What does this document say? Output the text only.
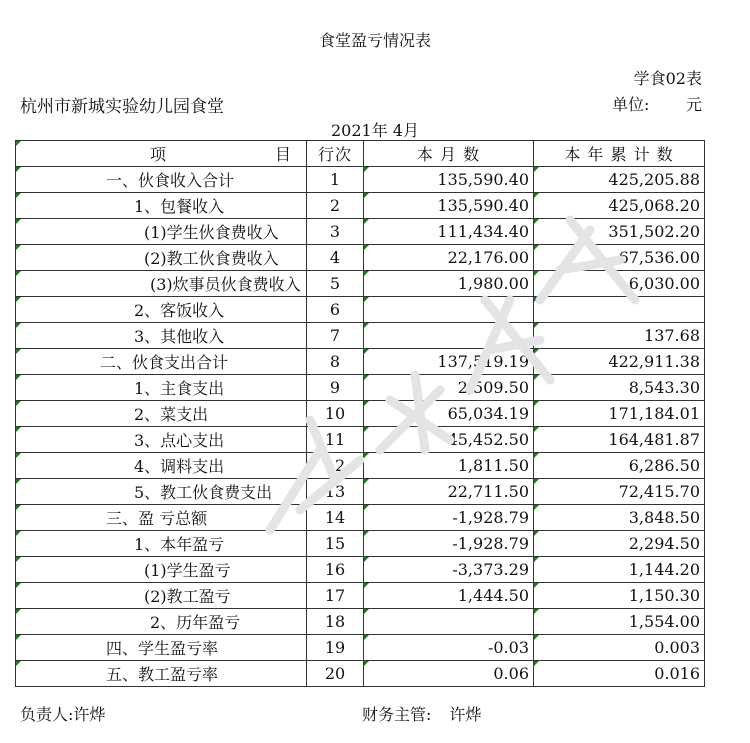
食堂盈亏情况表
学食02表
杭州市新城实验幼儿园食堂	单位: 元
2021年 4月
项 目	行次	本 月 数	本 年 累 计 数

一、伙食收入合计	1	135,590.40	425,205.88

1、包餐收入	2	135,590.40	425,068.20

(1)学生伙食费收入	3	111,434.40	351,502.20

(2)教工伙食费收入	4	22,176.00	67,536.00

(3)炊事员伙食费收入	5	1,980.00	6,030.00

2、客饭收入	6	

3、其他收入	7		137.68

二、伙食支出合计	8	137,519.19	422,911.38

1、主食支出	9	2,509.50	8,543.30

2、菜支出	10	65,034.19	171,184.01

3、点心支出	11	45,452.50	164,481.87

4、调料支出	12	1,811.50	6,286.50

5、教工伙食费支出	13	22,711.50	72,415.70

三、盈 亏总额	14	-1,928.79	3,848.50

1、本年盈亏	15	-1,928.79	2,294.50

(1)学生盈亏	16	-3,373.29	1,144.20

(2)教工盈亏	17	1,444.50	1,150.30

2、历年盈亏	18		1,554.00

四、学生盈亏率	19	-0.03	0.003

五、教工盈亏率	20	0.06	0.016
负责人:许烨	财务主管: 许烨
